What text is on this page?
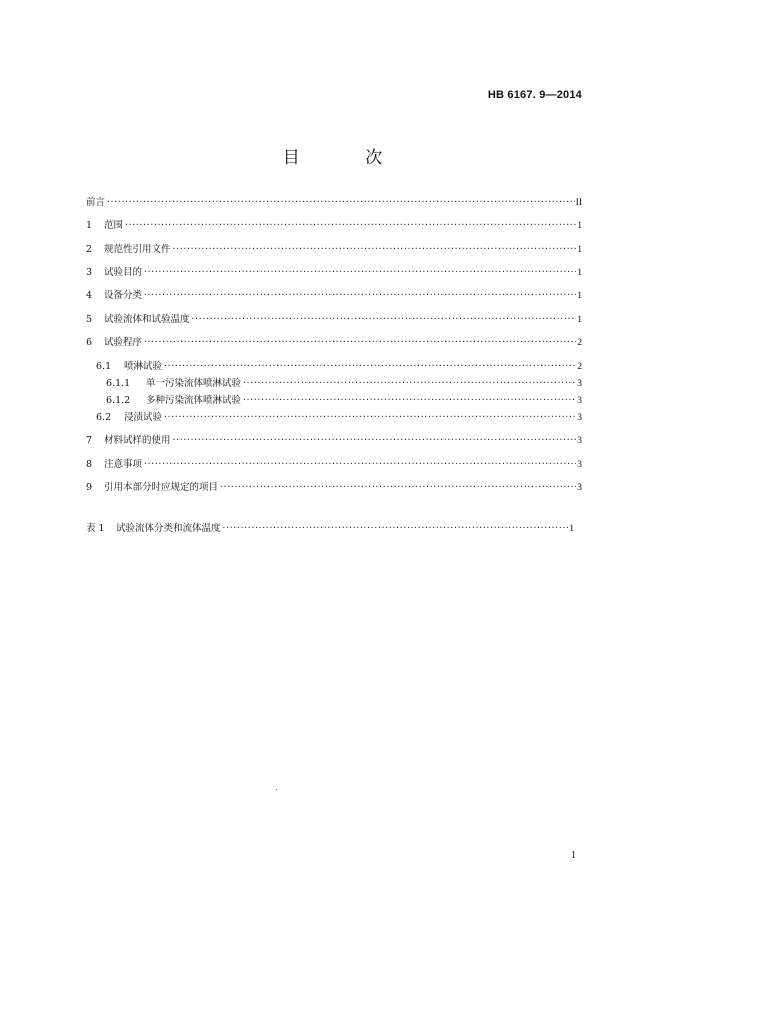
HB 6167. 9—2014
目 次
前言 ·····	II
1	范围 ·····	1
2	规范性引用文件 ·····	1
3	试验目的 ·····	1
4	设备分类 ·····	1
5	试验流体和试验温度 ·····	1
6	试验程序 ·····	2
6.1	喷淋试验 ·····	2
6.1.1	单一污染流体喷淋试验 ·····	3
6.1.2	多种污染流体喷淋试验 ·····	3
6.2	浸渍试验 ·····	3
7	材料试样的使用 ·····	3
8	注意事项 ·····	3
9	引用本部分时应规定的项目 ·····	3
表 1	试验流体分类和流体温度 ·····	1
1
